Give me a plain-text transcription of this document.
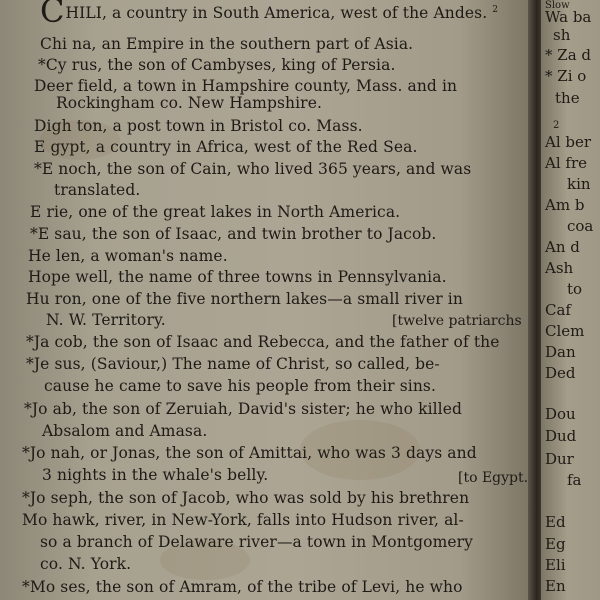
CHILI, a country in South America, west of the Andes. $^2$
Chi na, an Empire in the southern part of Asia.
*Cy rus, the son of Cambyses, king of Persia.
Deer field, a town in Hampshire county, Mass. and in
Rockingham co. New Hampshire.
Digh ton, a post town in Bristol co. Mass.
E gypt, a country in Africa, west of the Red Sea.
*E noch, the son of Cain, who lived 365 years, and was
translated.
E rie, one of the great lakes in North America.
*E sau, the son of Isaac, and twin brother to Jacob.
He len, a woman's name.
Hope well, the name of three towns in Pennsylvania.
Hu ron, one of the five northern lakes—a small river in
N. W. Territory.	[twelve patriarchs
*Ja cob, the son of Isaac and Rebecca, and the father of the
*Je sus, (Saviour,) The name of Christ, so called, be-
cause he came to save his people from their sins.
*Jo ab, the son of Zeruiah, David's sister; he who killed
Absalom and Amasa.
*Jo nah, or Jonas, the son of Amittai, who was 3 days and
3 nights in the whale's belly.	[to Egypt.
*Jo seph, the son of Jacob, who was sold by his brethren
Mo hawk, river, in New-York, falls into Hudson river, al-
so a branch of Delaware river—a town in Montgomery
co. N. York.
*Mo ses, the son of Amram, of the tribe of Levi, he who
Slow
Wa ba
sh
* Za d
* Zi o
the
2
Al ber
Al fre
kin
Am b
coa
An d
Ash
to
Caf
Clem
Dan
Ded
Dou
Dud
Dur
fa
Ed
Eg
Eli
En
